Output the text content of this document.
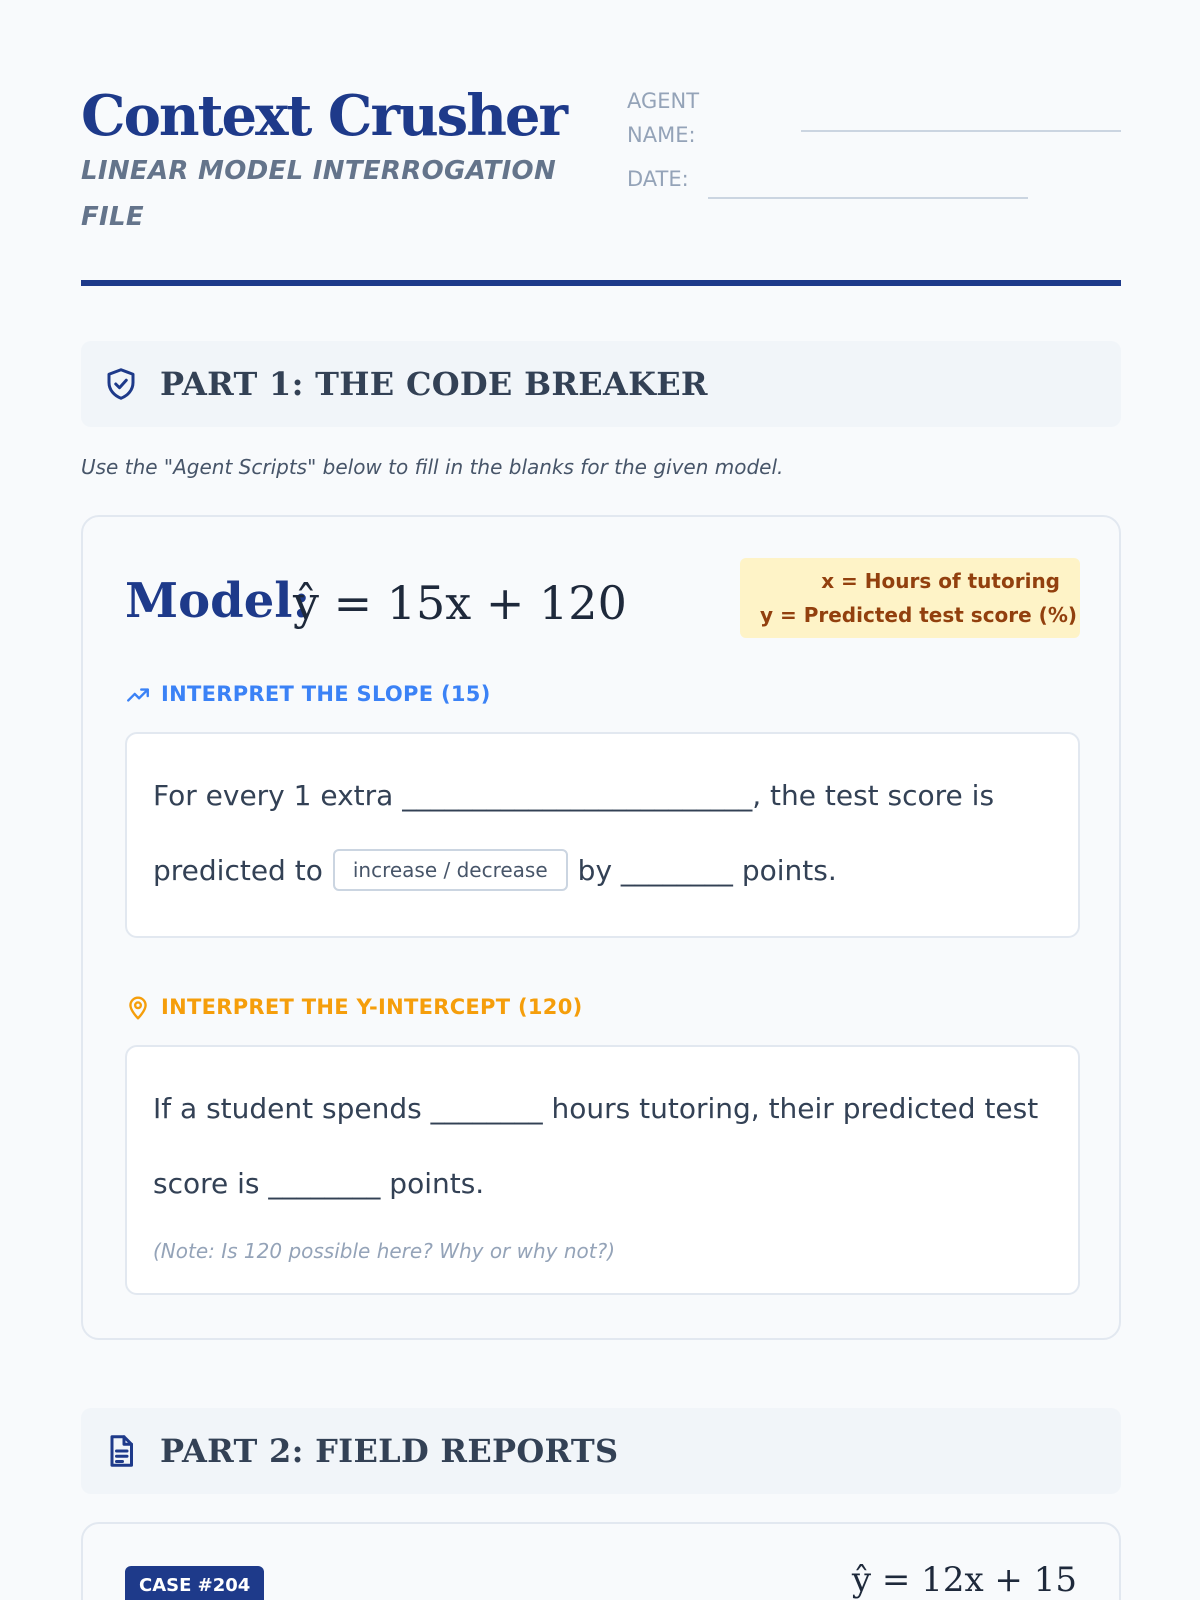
Context Crusher
LINEAR MODEL INTERROGATION FILE
AGENT NAME:
DATE:
PART 1: THE CODE BREAKER
Use the "Agent Scripts" below to fill in the blanks for the given model.
Model:
ŷ = 15x + 120	x = Hours of tutoring
y = Predicted test score (%)
INTERPRET THE SLOPE (15)
For every 1 extra _________________________, the test score is
predicted to increase / decrease by ________ points.
INTERPRET THE Y-INTERCEPT (120)
If a student spends ________ hours tutoring, their predicted test
score is ________ points.
(Note: Is 120 possible here? Why or why not?)
PART 2: FIELD REPORTS
CASE #204	ŷ = 12x + 15
